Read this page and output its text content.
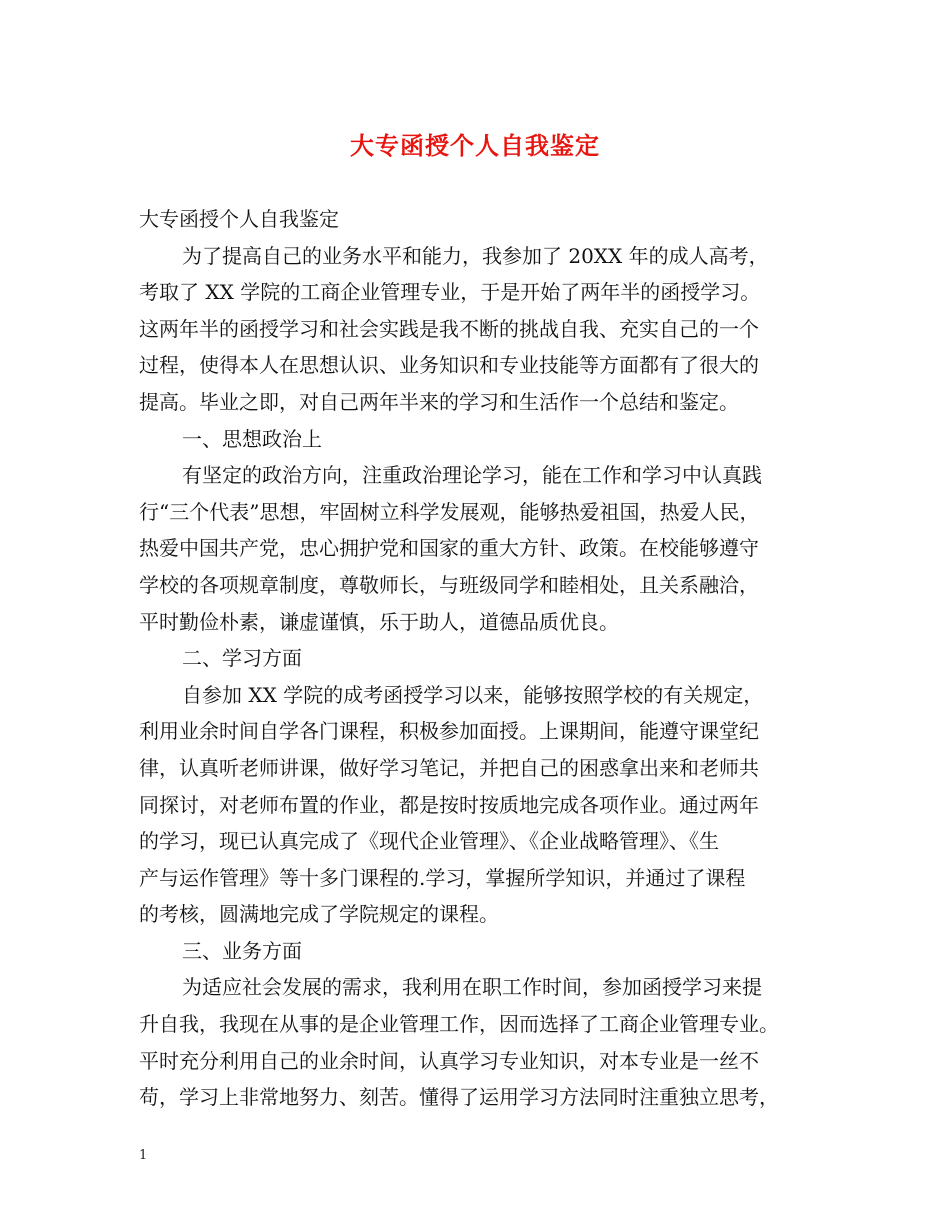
大专函授个人自我鉴定

大专函授个人自我鉴定

为了提高自己的业务水平和能力，我参加了 20XX 年的成人高考，

考取了 XX 学院的工商企业管理专业，于是开始了两年半的函授学习。

这两年半的函授学习和社会实践是我不断的挑战自我、充实自己的一个

过程，使得本人在思想认识、业务知识和专业技能等方面都有了很大的

提高。毕业之即，对自己两年半来的学习和生活作一个总结和鉴定。

一、思想政治上

有坚定的政治方向，注重政治理论学习，能在工作和学习中认真践

行“三个代表”思想，牢固树立科学发展观，能够热爱祖国，热爱人民，

热爱中国共产党，忠心拥护党和国家的重大方针、政策。在校能够遵守

学校的各项规章制度，尊敬师长，与班级同学和睦相处，且关系融洽，

平时勤俭朴素，谦虚谨慎，乐于助人，道德品质优良。

二、学习方面

自参加 XX 学院的成考函授学习以来，能够按照学校的有关规定，

利用业余时间自学各门课程，积极参加面授。上课期间，能遵守课堂纪

律，认真听老师讲课，做好学习笔记，并把自己的困惑拿出来和老师共

同探讨，对老师布置的作业，都是按时按质地完成各项作业。通过两年

的学习，现已认真完成了《现代企业管理》、《企业战略管理》、《生

产与运作管理》等十多门课程的.学习，掌握所学知识，并通过了课程

的考核，圆满地完成了学院规定的课程。

三、业务方面

为适应社会发展的需求，我利用在职工作时间，参加函授学习来提

升自我，我现在从事的是企业管理工作，因而选择了工商企业管理专业。

平时充分利用自己的业余时间，认真学习专业知识，对本专业是一丝不

苟，学习上非常地努力、刻苦。懂得了运用学习方法同时注重独立思考，

1
